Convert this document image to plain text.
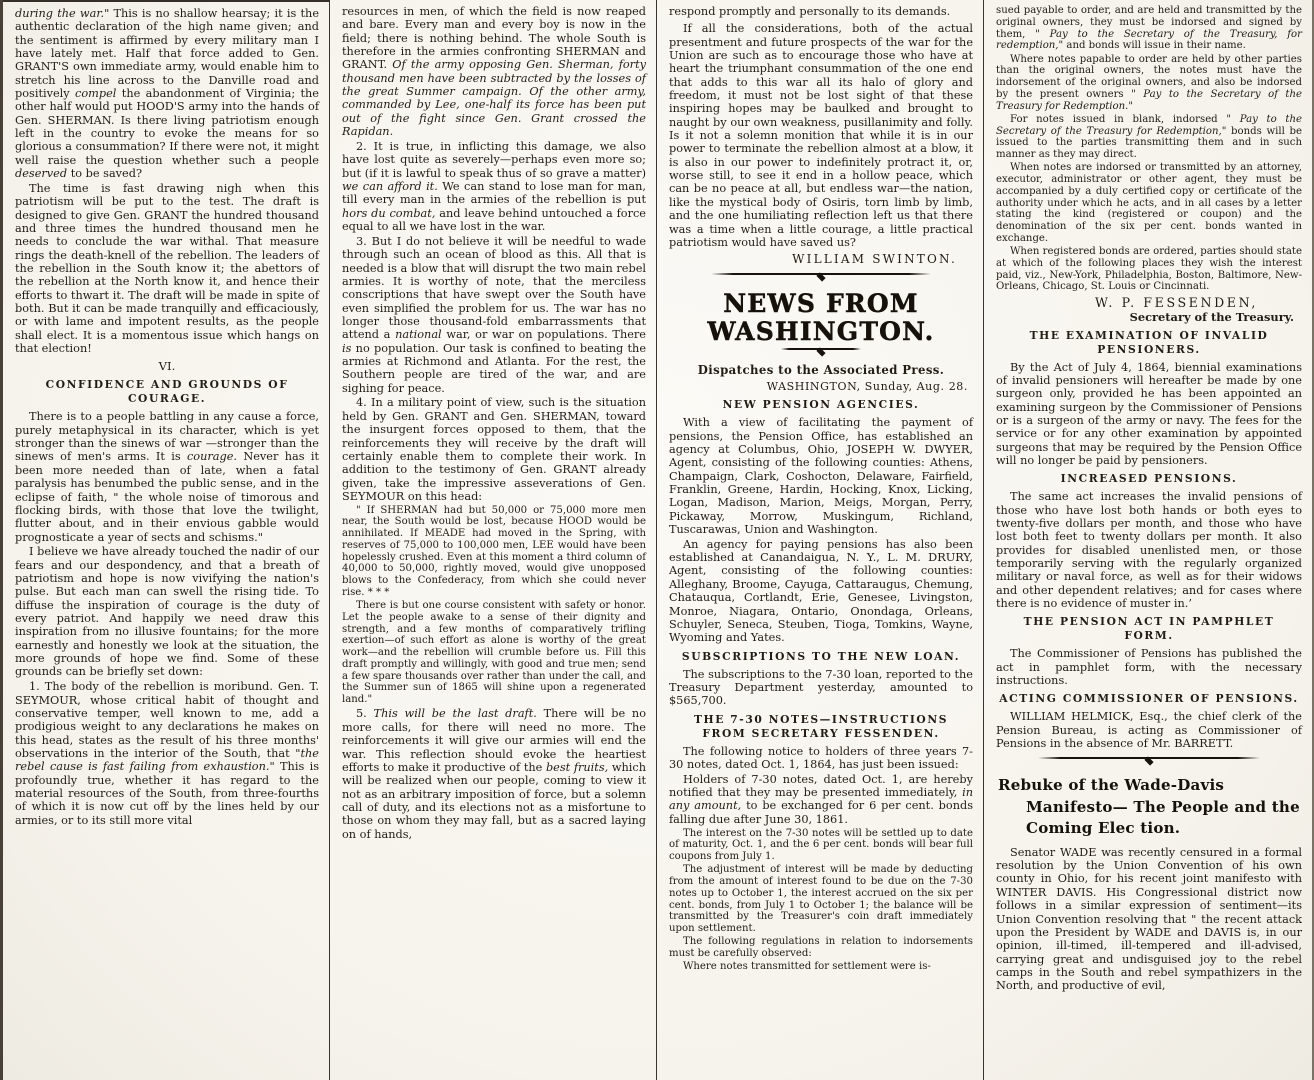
during the war." This is no shallow hearsay; it is the authentic declaration of the high name given; and the sentiment is affirmed by every military man I have lately met. Half that force added to Gen. GRANT'S own immediate army, would enable him to stretch his line across to the Danville road and positively compel the abandonment of Virginia; the other half would put HOOD'S army into the hands of Gen. SHERMAN. Is there living patriotism enough left in the country to evoke the means for so glorious a consummation? If there were not, it might well raise the question whether such a people deserved to be saved?

The time is fast drawing nigh when this patriotism will be put to the test. The draft is designed to give Gen. GRANT the hundred thousand and three times the hundred thousand men he needs to conclude the war withal. That measure rings the death-knell of the rebellion. The leaders of the rebellion in the South know it; the abettors of the rebellion at the North know it, and hence their efforts to thwart it. The draft will be made in spite of both. But it can be made tranquilly and efficaciously, or with lame and impotent results, as the people shall elect. It is a momentous issue which hangs on that election!

VI.
CONFIDENCE AND GROUNDS OF COURAGE.

There is to a people battling in any cause a force, purely metaphysical in its character, which is yet stronger than the sinews of war —stronger than the sinews of men's arms. It is courage. Never has it been more needed than of late, when a fatal paralysis has benumbed the public sense, and in the eclipse of faith, " the whole noise of timorous and flocking birds, with those that love the twilight, flutter about, and in their envious gabble would prognosticate a year of sects and schisms."

I believe we have already touched the nadir of our fears and our despondency, and that a breath of patriotism and hope is now vivifying the nation's pulse. But each man can swell the rising tide. To diffuse the inspiration of courage is the duty of every patriot. And happily we need draw this inspiration from no illusive fountains; for the more earnestly and honestly we look at the situation, the more grounds of hope we find. Some of these grounds can be briefly set down:

1. The body of the rebellion is moribund. Gen. T. SEYMOUR, whose critical habit of thought and conservative temper, well known to me, add a prodigious weight to any declarations he makes on this head, states as the result of his three months' observations in the interior of the South, that "the rebel cause is fast failing from exhaustion." This is profoundly true, whether it has regard to the material resources of the South, from three-fourths of which it is now cut off by the lines held by our armies, or to its still more vital

resources in men, of which the field is now reaped and bare. Every man and every boy is now in the field; there is nothing behind. The whole South is therefore in the armies confronting SHERMAN and GRANT. Of the army opposing Gen. Sherman, forty thousand men have been subtracted by the losses of the great Summer campaign. Of the other army, commanded by Lee, one-half its force has been put out of the fight since Gen. Grant crossed the Rapidan.

2. It is true, in inflicting this damage, we also have lost quite as severely—perhaps even more so; but (if it is lawful to speak thus of so grave a matter) we can afford it. We can stand to lose man for man, till every man in the armies of the rebellion is put hors du combat, and leave behind untouched a force equal to all we have lost in the war.

3. But I do not believe it will be needful to wade through such an ocean of blood as this. All that is needed is a blow that will disrupt the two main rebel armies. It is worthy of note, that the merciless conscriptions that have swept over the South have even simplified the problem for us. The war has no longer those thousand-fold embarrassments that attend a national war, or war on populations. There is no population. Our task is confined to beating the armies at Richmond and Atlanta. For the rest, the Southern people are tired of the war, and are sighing for peace.

4. In a military point of view, such is the situation held by Gen. GRANT and Gen. SHERMAN, toward the insurgent forces opposed to them, that the reinforcements they will receive by the draft will certainly enable them to complete their work. In addition to the testimony of Gen. GRANT already given, take the impressive asseverations of Gen. SEYMOUR on this head:

" If SHERMAN had but 50,000 or 75,000 more men near, the South would be lost, because HOOD would be annihilated. If MEADE had moved in the Spring, with reserves of 75,000 to 100,000 men, LEE would have been hopelessly crushed. Even at this moment a third column of 40,000 to 50,000, rightly moved, would give unopposed blows to the Confederacy, from which she could never rise. * * *

There is but one course consistent with safety or honor. Let the people awake to a sense of their dignity and strength, and a few months of comparatively trifling exertion—of such effort as alone is worthy of the great work—and the rebellion will crumble before us. Fill this draft promptly and willingly, with good and true men; send a few spare thousands over rather than under the call, and the Summer sun of 1865 will shine upon a regenerated land."

5. This will be the last draft. There will be no more calls, for there will need no more. The reinforcements it will give our armies will end the war. This reflection should evoke the heartiest efforts to make it productive of the best fruits, which will be realized when our people, coming to view it not as an arbitrary imposition of force, but a solemn call of duty, and its elections not as a misfortune to those on whom they may fall, but as a sacred laying on of hands,

respond promptly and personally to its demands.

If all the considerations, both of the actual presentment and future prospects of the war for the Union are such as to encourage those who have at heart the triumphant consummation of the one end that adds to this war all its halo of glory and freedom, it must not be lost sight of that these inspiring hopes may be baulked and brought to naught by our own weakness, pusillanimity and folly. Is it not a solemn monition that while it is in our power to terminate the rebellion almost at a blow, it is also in our power to indefinitely protract it, or, worse still, to see it end in a hollow peace, which can be no peace at all, but endless war—the nation, like the mystical body of Osiris, torn limb by limb, and the one humiliating reflection left us that there was a time when a little courage, a little practical patriotism would have saved us?

WILLIAM SWINTON.

NEWS FROM WASHINGTON.

Dispatches to the Associated Press.

WASHINGTON, Sunday, Aug. 28.

NEW PENSION AGENCIES.

With a view of facilitating the payment of pensions, the Pension Office, has established an agency at Columbus, Ohio, JOSEPH W. DWYER, Agent, consisting of the following counties: Athens, Champaign, Clark, Coshocton, Delaware, Fairfield, Franklin, Greene, Hardin, Hocking, Knox, Licking, Logan, Madison, Marion, Meigs, Morgan, Perry, Pickaway, Morrow, Muskingum, Richland, Tuscarawas, Union and Washington.

An agency for paying pensions has also been established at Canandaigua, N. Y., L. M. DRURY, Agent, consisting of the following counties: Alleghany, Broome, Cayuga, Cattaraugus, Chemung, Chatauqua, Cortlandt, Erie, Genesee, Livingston, Monroe, Niagara, Ontario, Onondaga, Orleans, Schuyler, Seneca, Steuben, Tioga, Tomkins, Wayne, Wyoming and Yates.

SUBSCRIPTIONS TO THE NEW LOAN.

The subscriptions to the 7-30 loan, reported to the Treasury Department yesterday, amounted to $565,700.

THE 7-30 NOTES—INSTRUCTIONS FROM SECRETARY FESSENDEN.

The following notice to holders of three years 7-30 notes, dated Oct. 1, 1864, has just been issued:

Holders of 7-30 notes, dated Oct. 1, are hereby notified that they may be presented immediately, in any amount, to be exchanged for 6 per cent. bonds falling due after June 30, 1861.

The interest on the 7-30 notes will be settled up to date of maturity, Oct. 1, and the 6 per cent. bonds will bear full coupons from July 1.

The adjustment of interest will be made by deducting from the amount of interest found to be due on the 7-30 notes up to October 1, the interest accrued on the six per cent. bonds, from July 1 to October 1; the balance will be transmitted by the Treasurer's coin draft immediately upon settlement.

The following regulations in relation to indorsements must be carefully observed:

Where notes transmitted for settlement were is-

sued payable to order, and are held and transmitted by the original owners, they must be indorsed and signed by them, " Pay to the Secretary of the Treasury, for redemption," and bonds will issue in their name.

Where notes papable to order are held by other parties than the original owners, the notes must have the indorsement of the original owners, and also be indorsed by the present owners " Pay to the Secretary of the Treasury for Redemption."

For notes issued in blank, indorsed " Pay to the Secretary of the Treasury for Redemption," bonds will be issued to the parties transmitting them and in such manner as they may direct.

When notes are indorsed or transmitted by an attorney, executor, administrator or other agent, they must be accompanied by a duly certified copy or certificate of the authority under which he acts, and in all cases by a letter stating the kind (registered or coupon) and the denomination of the six per cent. bonds wanted in exchange.

When registered bonds are ordered, parties should state at which of the following places they wish the interest paid, viz., New-York, Philadelphia, Boston, Baltimore, New-Orleans, Chicago, St. Louis or Cincinnati.

W. P. FESSENDEN,

Secretary of the Treasury.

THE EXAMINATION OF INVALID PENSIONERS.

By the Act of July 4, 1864, biennial examinations of invalid pensioners will hereafter be made by one surgeon only, provided he has been appointed an examining surgeon by the Commissioner of Pensions or is a surgeon of the army or navy. The fees for the service or for any other examination by appointed surgeons that may be required by the Pension Office will no longer be paid by pensioners.

INCREASED PENSIONS.

The same act increases the invalid pensions of those who have lost both hands or both eyes to twenty-five dollars per month, and those who have lost both feet to twenty dollars per month. It also provides for disabled unenlisted men, or those temporarily serving with the regularly organized military or naval force, as well as for their widows and other dependent relatives; and for cases where there is no evidence of muster in.’

THE PENSION ACT IN PAMPHLET FORM.

The Commissioner of Pensions has published the act in pamphlet form, with the necessary instructions.

ACTING COMMISSIONER OF PENSIONS.

WILLIAM HELMICK, Esq., the chief clerk of the Pension Bureau, is acting as Commissioner of Pensions in the absence of Mr. BARRETT.

Rebuke of the Wade-Davis Manifesto— The People and the Coming Elec tion.

Senator WADE was recently censured in a formal resolution by the Union Convention of his own county in Ohio, for his recent joint manifesto with WINTER DAVIS. His Congressional district now follows in a similar expression of sentiment—its Union Convention resolving that " the recent attack upon the President by WADE and DAVIS is, in our opinion, ill-timed, ill-tempered and ill-advised, carrying great and undisguised joy to the rebel camps in the South and rebel sympathizers in the North, and productive of evil,
